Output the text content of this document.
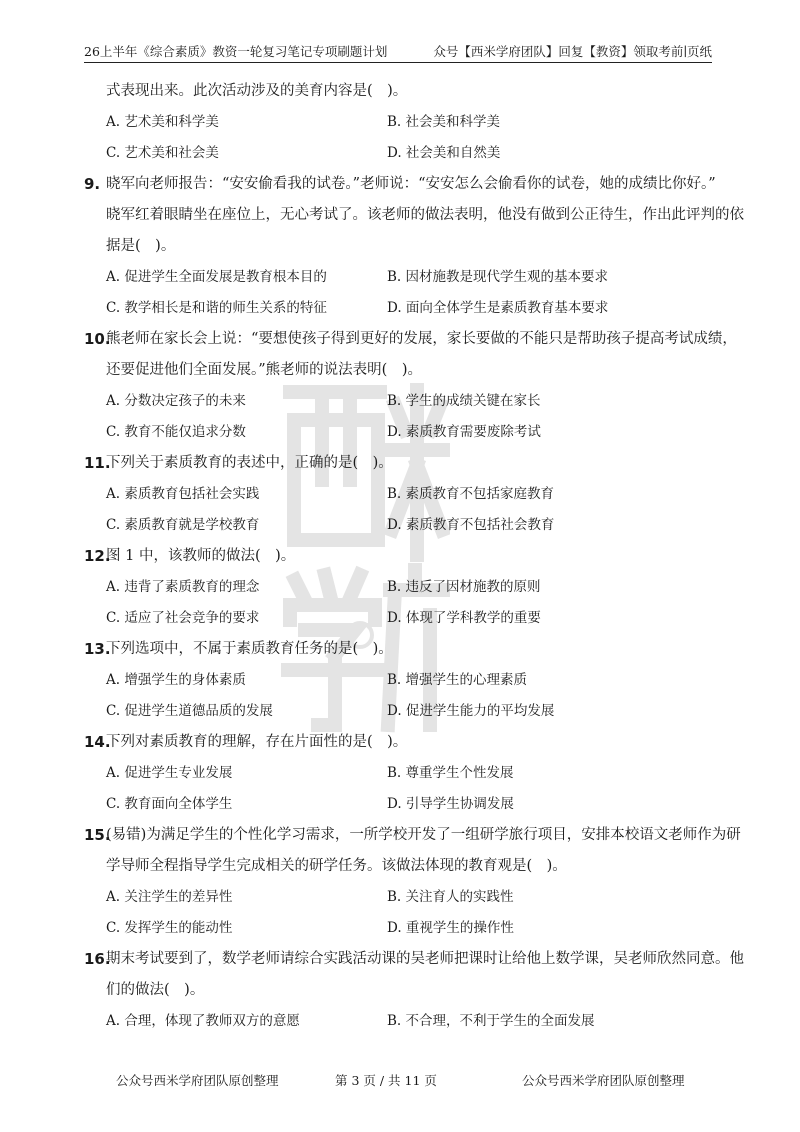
26上半年《综合素质》教资一轮复习笔记专项刷题计划	众号【西米学府团队】回复【教资】领取考前∣页纸
式表现出来。此次活动涉及的美育内容是(　)。
A. 艺术美和科学美	B. 社会美和科学美
C. 艺术美和社会美	D. 社会美和自然美
9. 晓军向老师报告：“安安偷看我的试卷。”老师说：“安安怎么会偷看你的试卷，她的成绩比你好。”
晓军红着眼睛坐在座位上，无心考试了。该老师的做法表明，他没有做到公正待生，作出此评判的依
据是(　)。
A. 促进学生全面发展是教育根本目的	B. 因材施教是现代学生观的基本要求
C. 教学相长是和谐的师生关系的特征	D. 面向全体学生是素质教育基本要求
10.
熊老师在家长会上说：“要想使孩子得到更好的发展，家长要做的不能只是帮助孩子提高考试成绩，
还要促进他们全面发展。”熊老师的说法表明(　)。
A. 分数决定孩子的未来	B. 学生的成绩关键在家长
C. 教育不能仅追求分数	D. 素质教育需要废除考试
11.
下列关于素质教育的表述中，正确的是(　)。
A. 素质教育包括社会实践	B. 素质教育不包括家庭教育
C. 素质教育就是学校教育	D. 素质教育不包括社会教育
12.
图 1 中，该教师的做法(　)。
A. 违背了素质教育的理念	B. 违反了因材施教的原则
C. 适应了社会竞争的要求	D. 体现了学科教学的重要
13.
下列选项中，不属于素质教育任务的是(　)。
A. 增强学生的身体素质	B. 增强学生的心理素质
C. 促进学生道德品质的发展	D. 促进学生能力的平均发展
14.
下列对素质教育的理解，存在片面性的是(　)。
A. 促进学生专业发展	B. 尊重学生个性发展
C. 教育面向全体学生	D. 引导学生协调发展
15.
(易错)为满足学生的个性化学习需求，一所学校开发了一组研学旅行项目，安排本校语文老师作为研
学导师全程指导学生完成相关的研学任务。该做法体现的教育观是(　)。
A. 关注学生的差异性	B. 关注育人的实践性
C. 发挥学生的能动性	D. 重视学生的操作性
16.
期末考试要到了，数学老师请综合实践活动课的吴老师把课时让给他上数学课，吴老师欣然同意。他
们的做法(　)。
A. 合理，体现了教师双方的意愿	B. 不合理，不利于学生的全面发展
公众号西米学府团队原创整理	第 3 页 / 共 11 页	公众号西米学府团队原创整理
